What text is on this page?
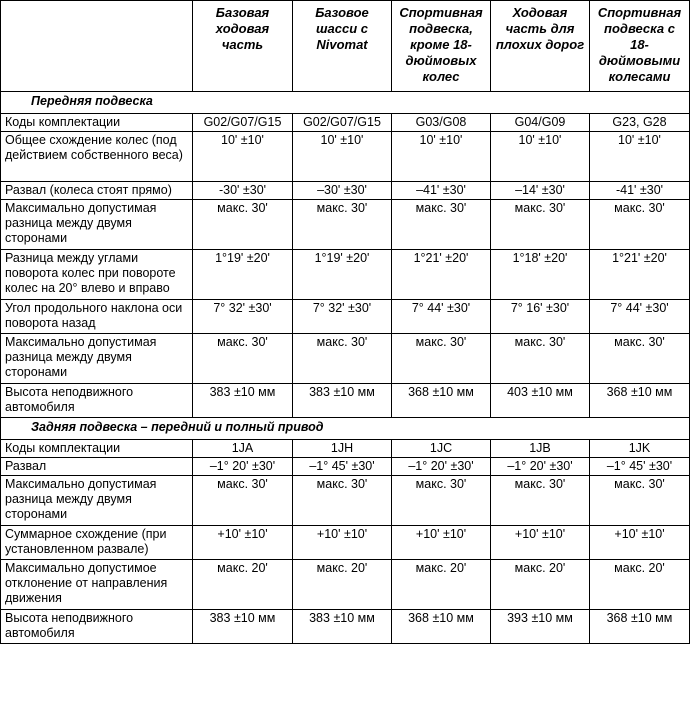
	Базовая ходовая часть	Базовое шасси с Nivomat	Спортивная подвеска, кроме 18-дюймовых колес	Ходовая часть для плохих дорог	Спортивная подвеска с 18-дюймовыми колесами
Передняя подвеска					
Коды комплектации	G02/G07/G15	G02/G07/G15	G03/G08	G04/G09	G23, G28
Общее схождение колес (под действием собственного веса)	10' ±10'	10' ±10'	10' ±10'	10' ±10'	10' ±10'
Развал (колеса стоят прямо)	-30' ±30'	–30' ±30'	–41' ±30'	–14' ±30'	-41' ±30'
Максимально допустимая разница между двумя сторонами	макс. 30'	макс. 30'	макс. 30'	макс. 30'	макс. 30'
Разница между углами поворота колес при повороте колес на 20° влево и вправо	1°19' ±20'	1°19' ±20'	1°21' ±20'	1°18' ±20'	1°21' ±20'
Угол продольного наклона оси поворота назад	7° 32' ±30'	7° 32' ±30'	7° 44' ±30'	7° 16' ±30'	7° 44' ±30'
Максимально допустимая разница между двумя сторонами	макс. 30'	макс. 30'	макс. 30'	макс. 30'	макс. 30'
Высота неподвижного автомобиля	383 ±10 мм	383 ±10 мм	368 ±10 мм	403 ±10 мм	368 ±10 мм
Задняя подвеска – передний и полный привод					
Коды комплектации	1JA	1JH	1JC	1JB	1JK
Развал	–1° 20' ±30'	–1° 45' ±30'	–1° 20' ±30'	–1° 20' ±30'	–1° 45' ±30'
Максимально допустимая разница между двумя сторонами	макс. 30'	макс. 30'	макс. 30'	макс. 30'	макс. 30'
Суммарное схождение (при установленном развале)	+10' ±10'	+10' ±10'	+10' ±10'	+10' ±10'	+10' ±10'
Максимально допустимое отклонение от направления движения	макс. 20'	макс. 20'	макс. 20'	макс. 20'	макс. 20'
Высота неподвижного автомобиля	383 ±10 мм	383 ±10 мм	368 ±10 мм	393 ±10 мм	368 ±10 мм
